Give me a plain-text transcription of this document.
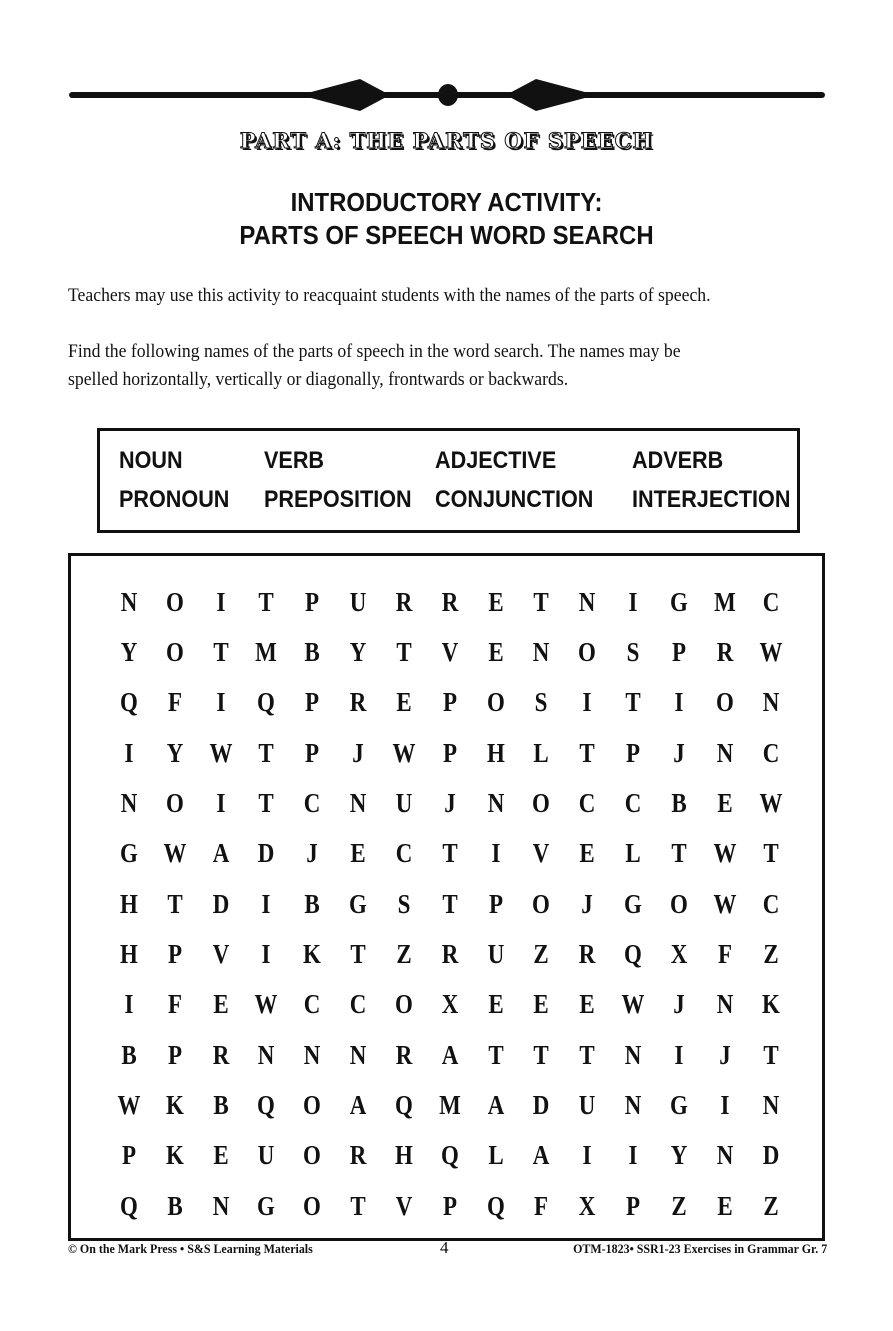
PART A: THE PARTS OF SPEECH
INTRODUCTORY ACTIVITY:
PARTS OF SPEECH WORD SEARCH
Teachers may use this activity to reacquaint students with the names of the parts of speech.
Find the following names of the parts of speech in the word search. The names may be
spelled horizontally, vertically or diagonally, frontwards or backwards.
NOUN	VERB	ADJECTIVE	ADVERB
PRONOUN PREPOSITION CONJUNCTION INTERJECTION
N	O	I	T	P	U	R	R	E	T	N	I	G M C
Y	O	T M	B	Y	T	V	E	N	O	S	P	R W
Q	F	I	Q	P	R	E	P	O	S	I	T	I	O	N
I	Y W T	P	J	W	P	H	L	T	P	J	N	C
N	O	I	T	C	N	U	J	N	O	C	C	B	E W
G W A	D	J	E	C	T	I	V	E	L	T W T
H	T	D	I	B	G	S	T	P	O	J	G O W C
H	P	V	I	K	T	Z	R	U	Z	R	Q	X	F	Z
I	F	E W C	C	O	X	E	E	E W	J	N	K
B	P	R	N	N	N	R	A	T	T	T	N	I	J	T
W K	B	Q O	A	Q M A	D	U	N	G	I	N
P	K	E	U	O	R	H Q	L	A	I	I	Y	N	D
Q	B	N	G O	T	V	P	Q	F	X	P	Z	E	Z
© On the Mark Press • S&S Learning Materials	4	OTM-1823• SSR1-23 Exercises in Grammar Gr. 7
